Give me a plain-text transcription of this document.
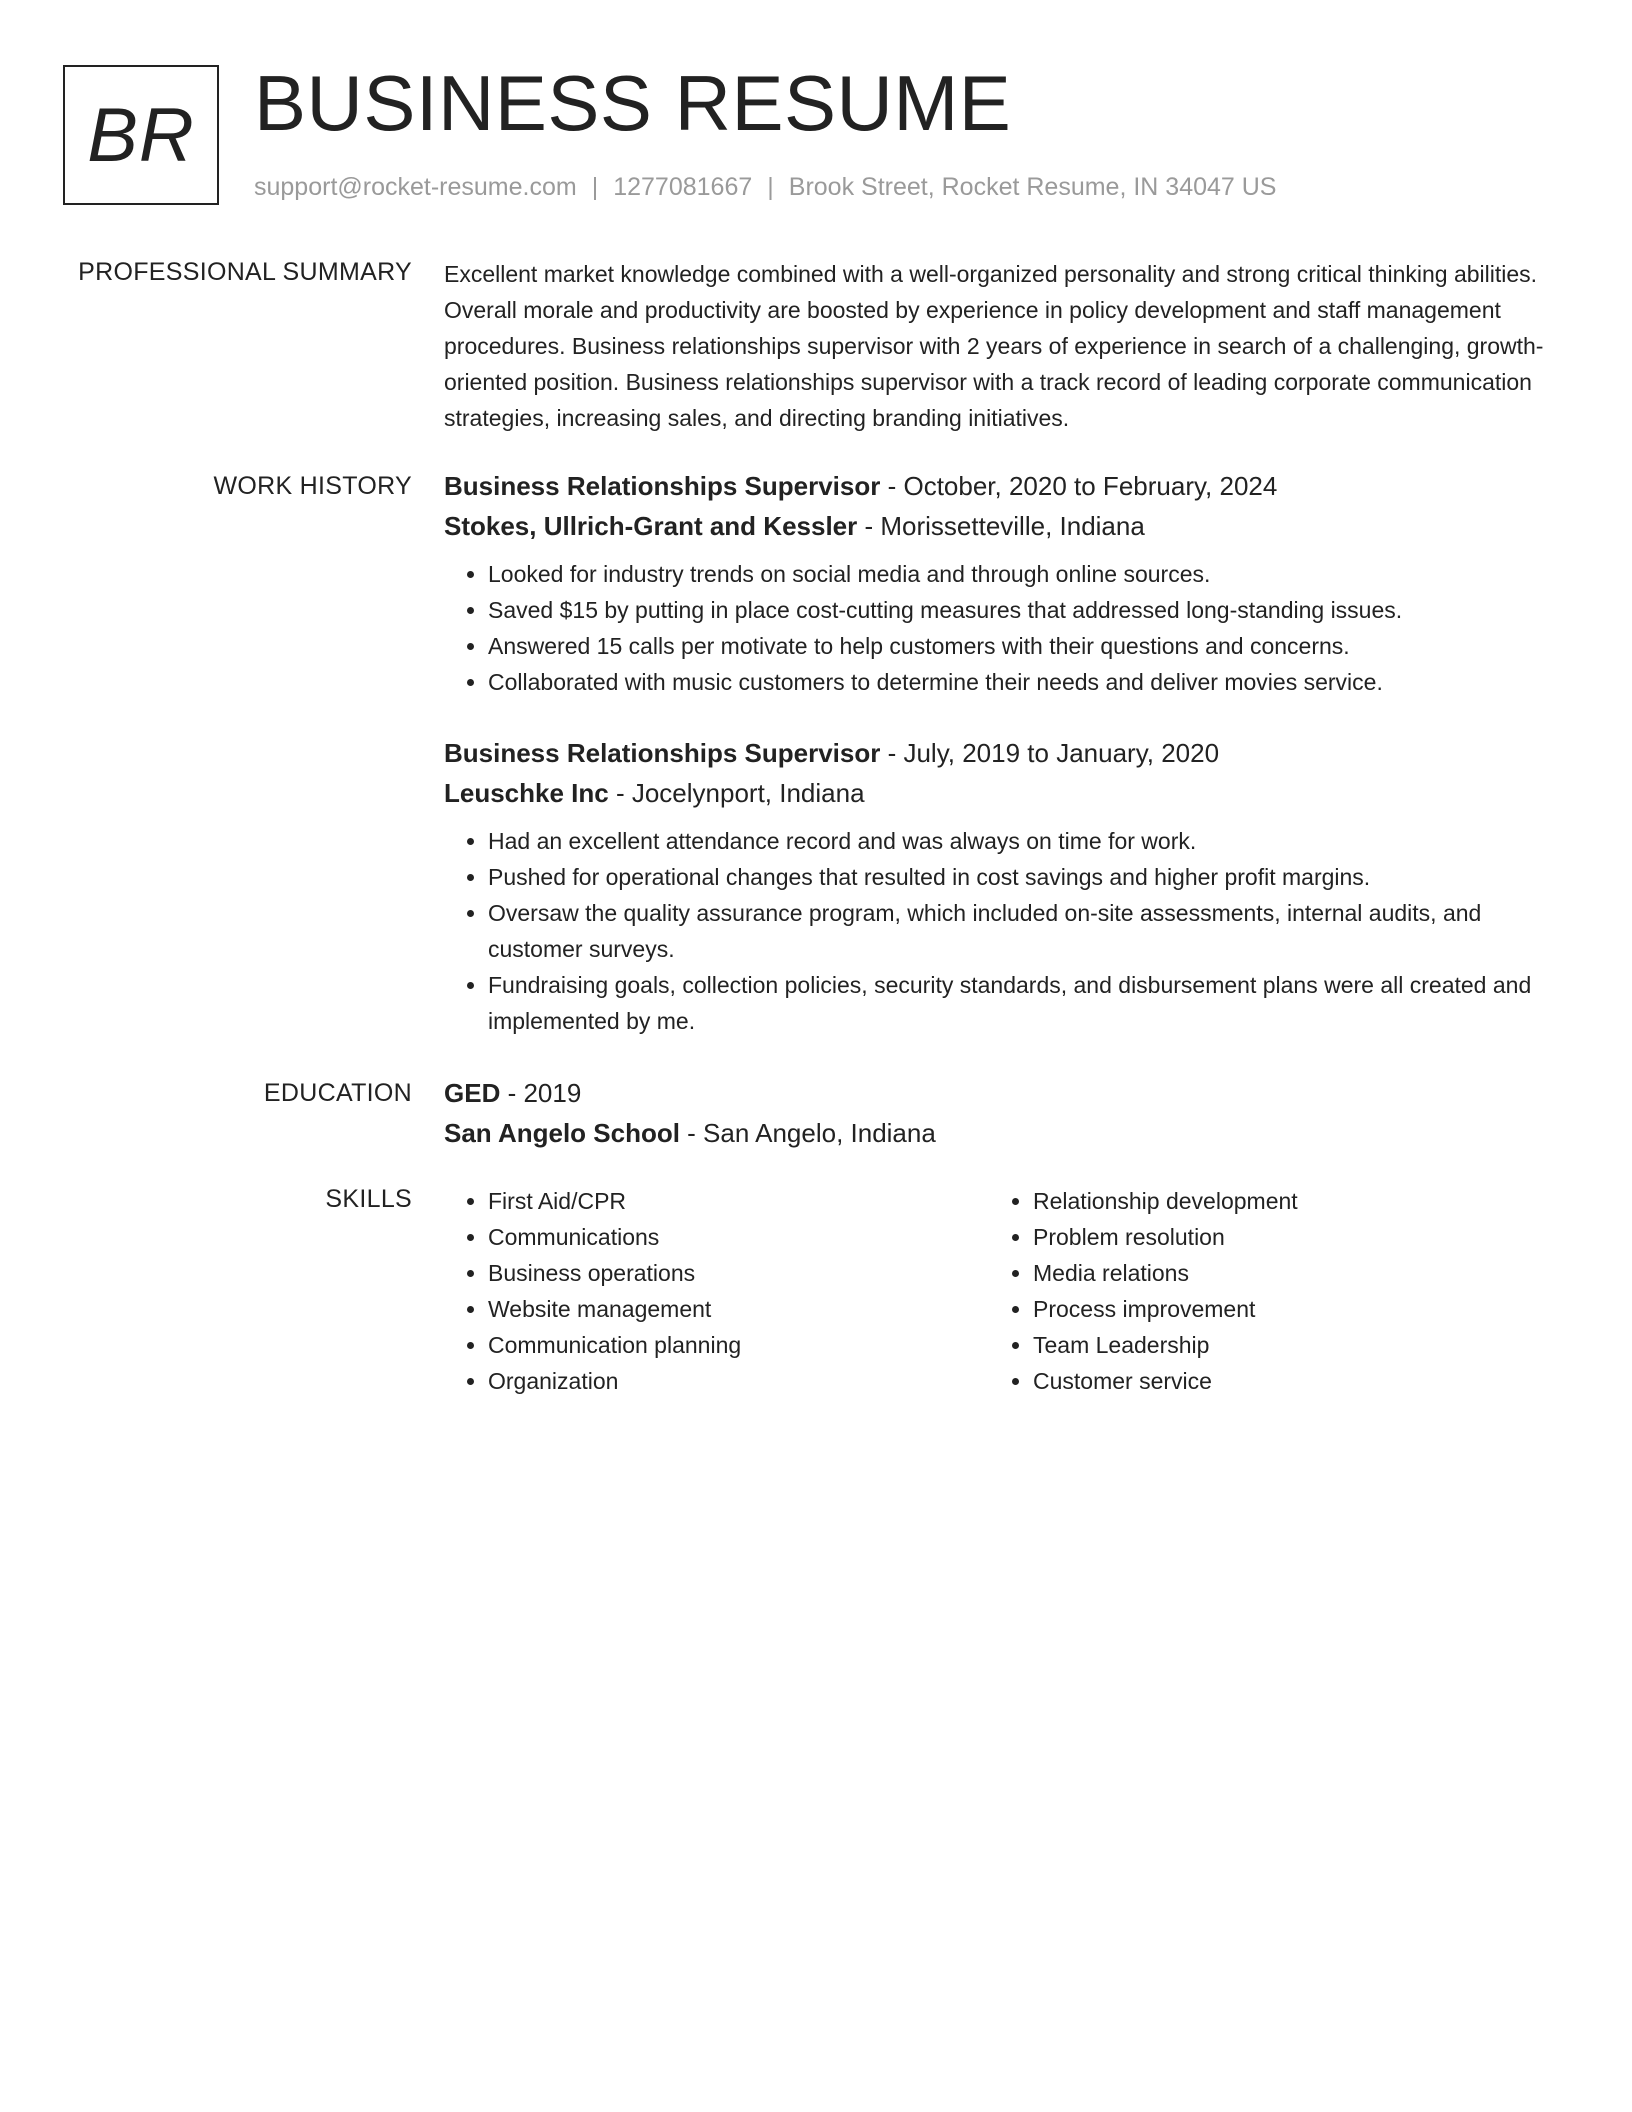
BR BUSINESS RESUME
support@rocket-resume.com | 1277081667 | Brook Street, Rocket Resume, IN 34047 US
PROFESSIONAL SUMMARY Excellent market knowledge combined with a well-organized personality and strong critical thinking abilities. Overall morale and productivity are boosted by experience in policy development and staff management procedures. Business relationships supervisor with 2 years of experience in search of a challenging, growth-oriented position. Business relationships supervisor with a track record of leading corporate communication strategies, increasing sales, and directing branding initiatives.

WORK HISTORY Business Relationships Supervisor - October, 2020 to February, 2024
Stokes, Ullrich-Grant and Kessler - Morissetteville, Indiana
• Looked for industry trends on social media and through online sources.
• Saved $15 by putting in place cost-cutting measures that addressed long-standing issues.
• Answered 15 calls per motivate to help customers with their questions and concerns.
• Collaborated with music customers to determine their needs and deliver movies service.
Business Relationships Supervisor - July, 2019 to January, 2020
Leuschke Inc - Jocelynport, Indiana
• Had an excellent attendance record and was always on time for work.
• Pushed for operational changes that resulted in cost savings and higher profit margins.
• Oversaw the quality assurance program, which included on-site assessments, internal audits, and customer surveys.
• Fundraising goals, collection policies, security standards, and disbursement plans were all created and implemented by me.
EDUCATION GED - 2019
San Angelo School - San Angelo, Indiana
SKILLS
•	First Aid/CPR
• Communications
• Business operations
• Website management
• Communication planning
• Organization
• Relationship development
• Problem resolution
• Media relations
• Process improvement
• Team Leadership
• Customer service
